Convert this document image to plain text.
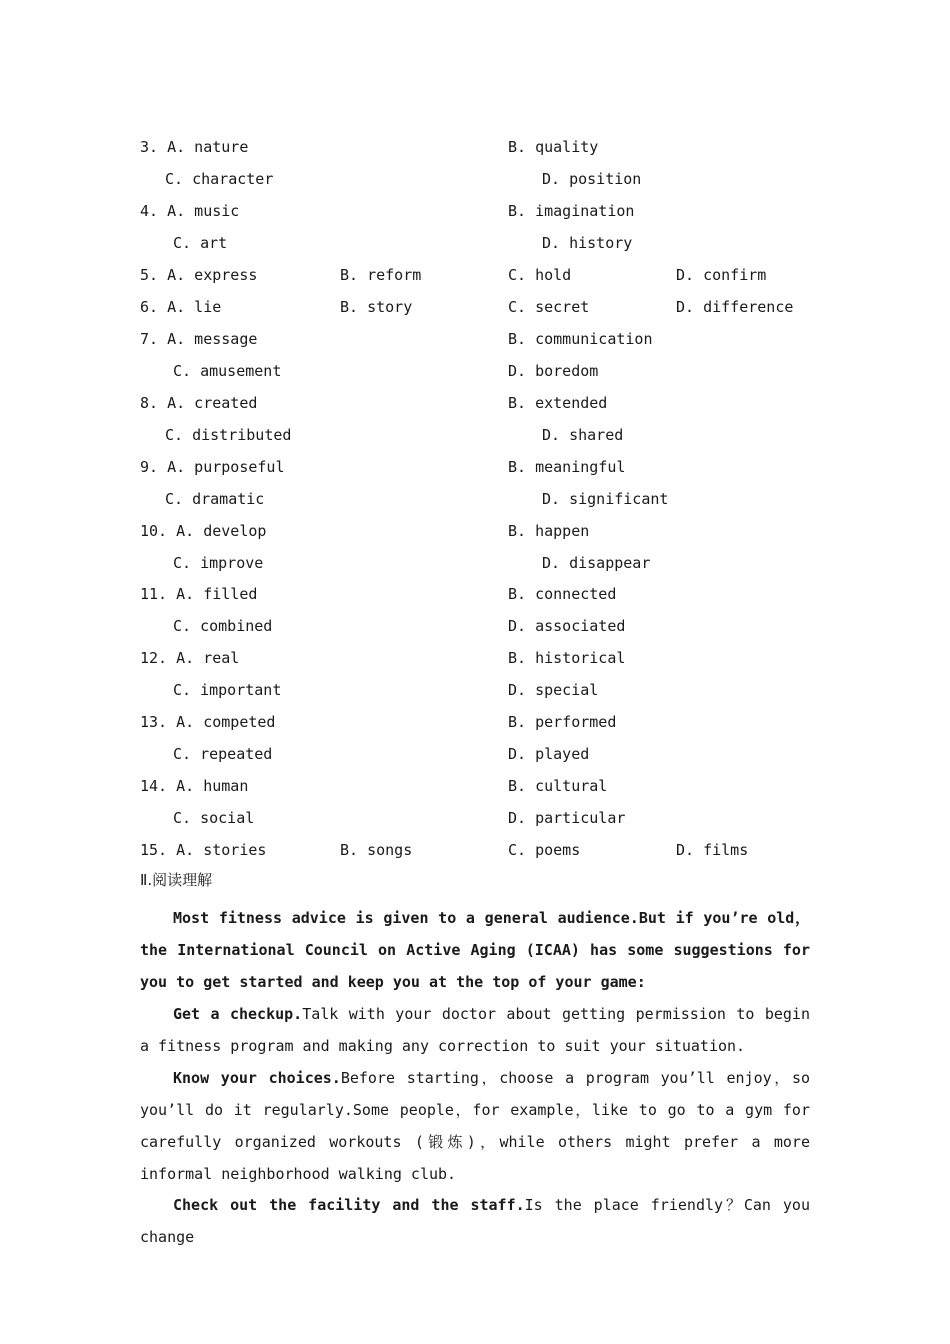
3. A. nature	B. quality
C. character	D. position
4. A. music	B. imagination
C. art	D. history
5. A. express	B. reform	C. hold	D. confirm
6. A. lie	B. story	C. secret	D. difference
7. A. message	B. communication
C. amusement	D. boredom
8. A. created	B. extended
C. distributed	D. shared
9. A. purposeful	B. meaningful
C. dramatic	D. significant
10. A. develop	B. happen
C. improve	D. disappear
11. A. filled	B. connected
C. combined	D. associated
12. A. real	B. historical
C. important	D. special
13. A. competed	B. performed
C. repeated	D. played
14. A. human	B. cultural
C. social	D. particular
15. A. stories	B. songs	C. poems	D. films
Ⅱ.阅读理解
Most fitness advice is given to a general audience.But if you’re old，the International Council on Active Aging (ICAA) has some suggestions for you to get started and keep you at the top of your game:
Get a checkup.Talk with your doctor about getting permission to begin a fitness program and making any correction to suit your situation.
Know your choices.Before starting，choose a program you’ll enjoy，so you’ll do it regularly.Some people，for example，like to go to a gym for carefully organized workouts (锻炼)，while others might prefer a more informal neighborhood walking club.
Check out the facility and the staff.Is the place friendly？Can you change
